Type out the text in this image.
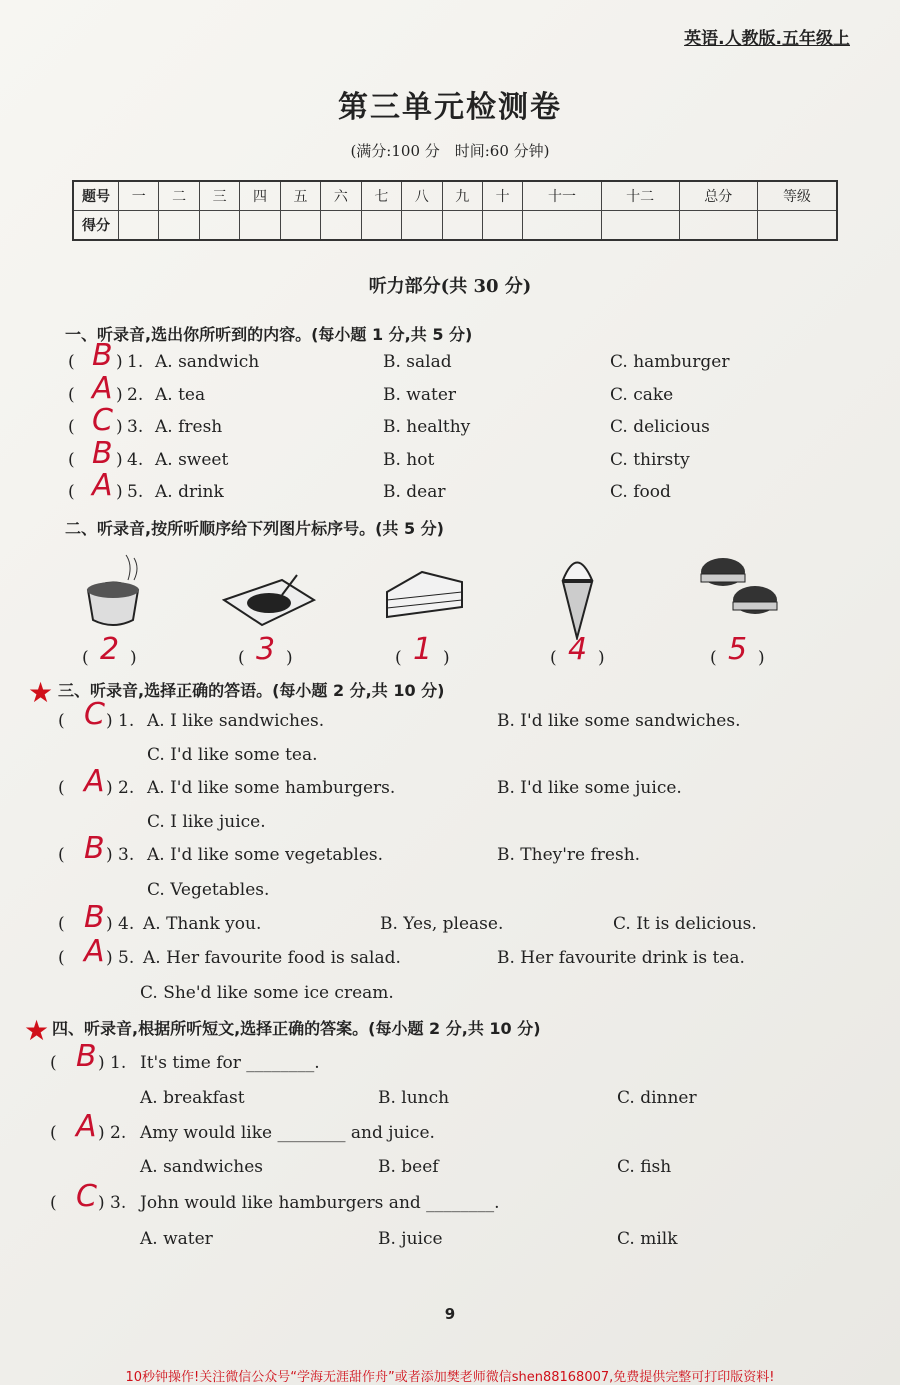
英语.人教版.五年级上
第三单元检测卷
(满分:100 分　时间:60 分钟)
题号	一	二	三	四	五	六	七	八	九	十	十一	十二	总分	等级
得分														
听力部分(共 30 分)
一、听录音,选出你所听到的内容。(每小题 1 分,共 5 分)
( )
B 1. A. sandwich	B. salad	C. hamburger
( )
A 2. A. tea	B. water	C. cake
( )
C 3. A. fresh	B. healthy	C. delicious
( )
B 4. A. sweet	B. hot	C. thirsty
( )
A 5. A. drink	B. dear	C. food
二、听录音,按所听顺序给下列图片标序号。(共 5 分)
( )
2	( )
3	( )
1	( )
4	( )
5
★ 三、听录音,选择正确的答语。(每小题 2 分,共 10 分)
( )
C 1. A. I like sandwiches.	B. I'd like some sandwiches.
C. I'd like some tea.
( )
A 2. A. I'd like some hamburgers.	B. I'd like some juice.
C. I like juice.
( )
B 3. A. I'd like some vegetables.	B. They're fresh.
C. Vegetables.
( )
B 4. A. Thank you.	B. Yes, please.	C. It is delicious.
( )
A 5. A. Her favourite food is salad.	B. Her favourite drink is tea.
C. She'd like some ice cream.
★ 四、听录音,根据所听短文,选择正确的答案。(每小题 2 分,共 10 分)
( )
B 1. It's time for ________.
A. breakfast	B. lunch	C. dinner
( )
A 2. Amy would like ________ and juice.
A. sandwiches	B. beef	C. fish
( )
C 3. John would like hamburgers and ________.
A. water	B. juice	C. milk
9
10秒钟操作!关注微信公众号“学海无涯甜作舟”或者添加樊老师微信shen88168007,免费提供完整可打印版资料!
